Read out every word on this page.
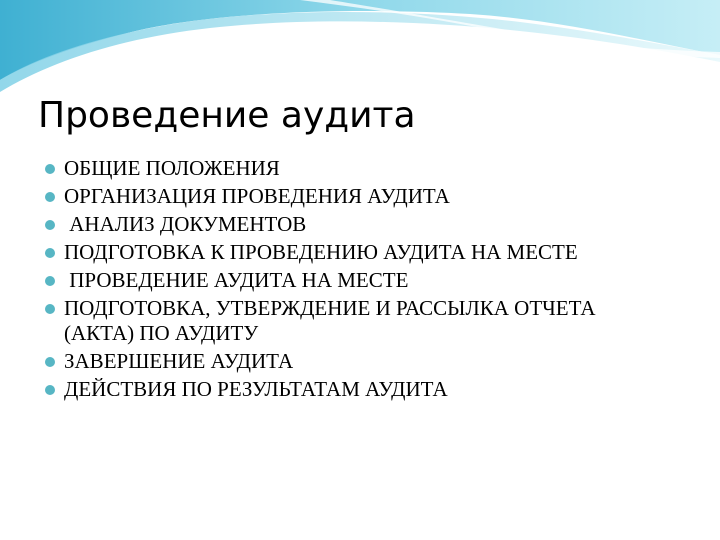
Проведение аудита
ОБЩИЕ ПОЛОЖЕНИЯ
ОРГАНИЗАЦИЯ ПРОВЕДЕНИЯ АУДИТА
АНАЛИЗ ДОКУМЕНТОВ
ПОДГОТОВКА К ПРОВЕДЕНИЮ АУДИТА НА МЕСТЕ
ПРОВЕДЕНИЕ АУДИТА НА МЕСТЕ
ПОДГОТОВКА, УТВЕРЖДЕНИЕ И РАССЫЛКА ОТЧЕТА (АКТА) ПО АУДИТУ
ЗАВЕРШЕНИЕ АУДИТА
ДЕЙСТВИЯ ПО РЕЗУЛЬТАТАМ АУДИТА
